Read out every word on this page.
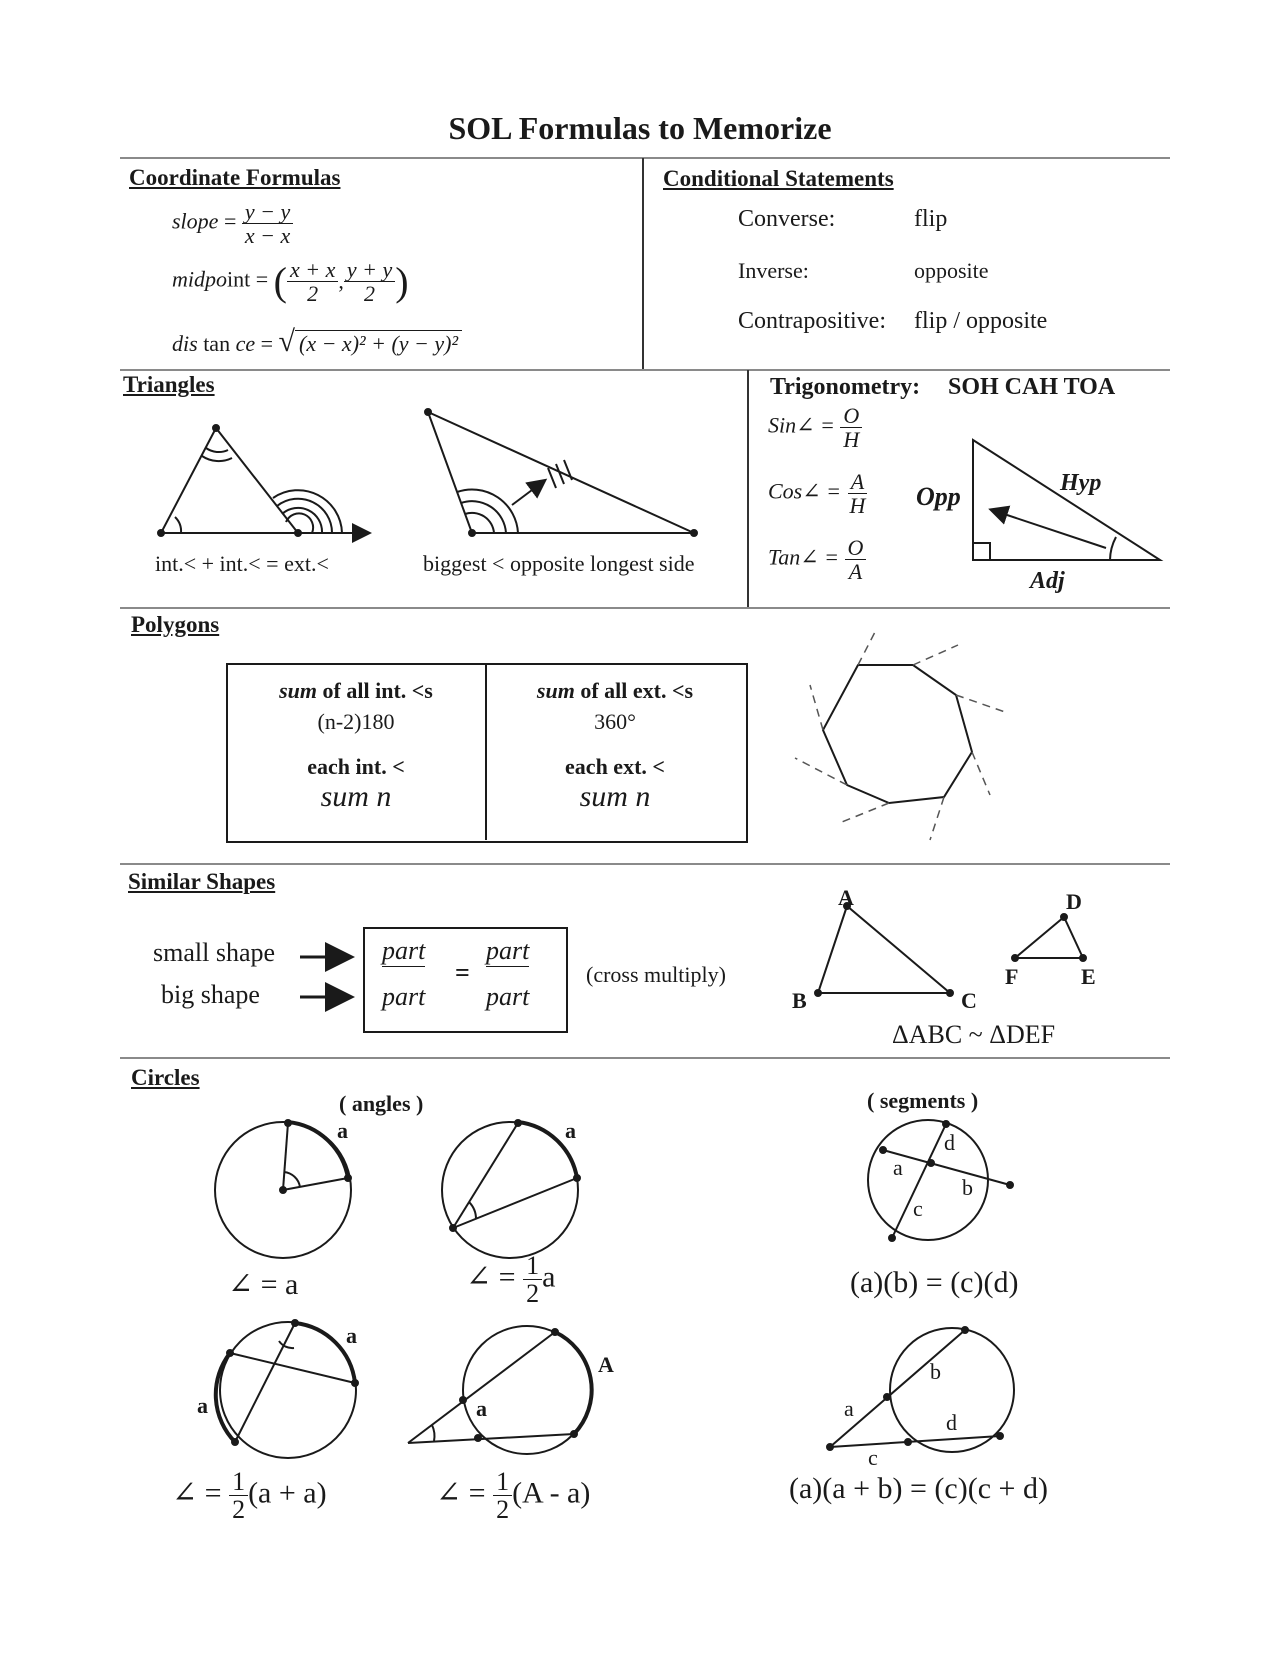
SOL Formulas to Memorize
Coordinate Formulas
slope = $\frac{y - y}{x - x}$
midpoint = ( $\frac{x + x}{2}$ , $\frac{y + y}{2}$ )
dis tan ce = √ (x − x)² + (y − y)²
Conditional Statements
Converse:	flip
Inverse:	opposite
Contrapositive: flip / opposite
Triangles
int.< + int.< = ext.<	biggest < opposite longest side
Trigonometry: SOH CAH TOA
Sin∠ = $\frac{O}{H}$
Cos∠ = $\frac{A}{H}$
Tan∠ = $\frac{O}{A}$
Opp	Hyp
Adj
Polygons
sum of all int. <s
(n-2)180
each int. <
sum n
sum of all ext. <s
360°
each ext. <
sum n
Similar Shapes
small shape
big shape
part part
=
part part
(cross multiply)
A
B	C
D
E
F
ΔABC ~ ΔDEF
Circles
( angles )	( segments )
a	a
a
a
A
a
∠ = a	∠ = $\frac{1}{2}$ a
∠ = $\frac{1}{2} (a + a)$	∠ = $\frac{1}{2} (A - a)$
a
b
c
d
(a)(b) = (c)(d)
a
b
c
d
(a)(a + b) = (c)(c + d)
